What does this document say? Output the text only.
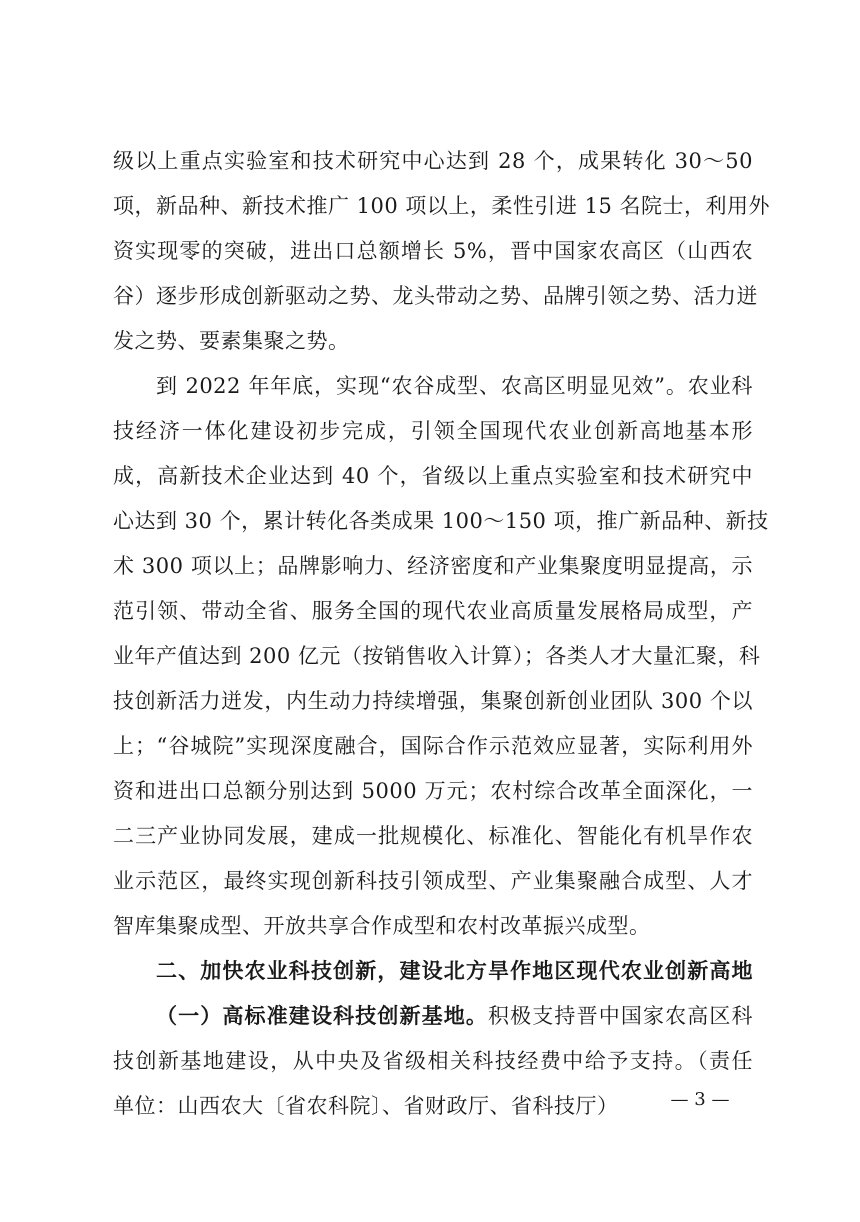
级以上重点实验室和技术研究中心达到 28 个，成果转化 30～50
项，新品种、新技术推广 100 项以上，柔性引进 15 名院士，利用外
资实现零的突破，进出口总额增长 5%，晋中国家农高区（山西农
谷）逐步形成创新驱动之势、龙头带动之势、品牌引领之势、活力迸
发之势、要素集聚之势。
到 2022 年年底，实现“农谷成型、农高区明显见效”。农业科
技经济一体化建设初步完成，引领全国现代农业创新高地基本形
成，高新技术企业达到 40 个，省级以上重点实验室和技术研究中
心达到 30 个，累计转化各类成果 100～150 项，推广新品种、新技
术 300 项以上；品牌影响力、经济密度和产业集聚度明显提高，示
范引领、带动全省、服务全国的现代农业高质量发展格局成型，产
业年产值达到 200 亿元（按销售收入计算）；各类人才大量汇聚，科
技创新活力迸发，内生动力持续增强，集聚创新创业团队 300 个以
上；“谷城院”实现深度融合，国际合作示范效应显著，实际利用外
资和进出口总额分别达到 5000 万元；农村综合改革全面深化，一
二三产业协同发展，建成一批规模化、标准化、智能化有机旱作农
业示范区，最终实现创新科技引领成型、产业集聚融合成型、人才
智库集聚成型、开放共享合作成型和农村改革振兴成型。
二、加快农业科技创新，建设北方旱作地区现代农业创新高地
（一）高标准建设科技创新基地。积极支持晋中国家农高区科
技创新基地建设，从中央及省级相关科技经费中给予支持。（责任
单位：山西农大〔省农科院〕、省财政厅、省科技厅）	— 3 —
